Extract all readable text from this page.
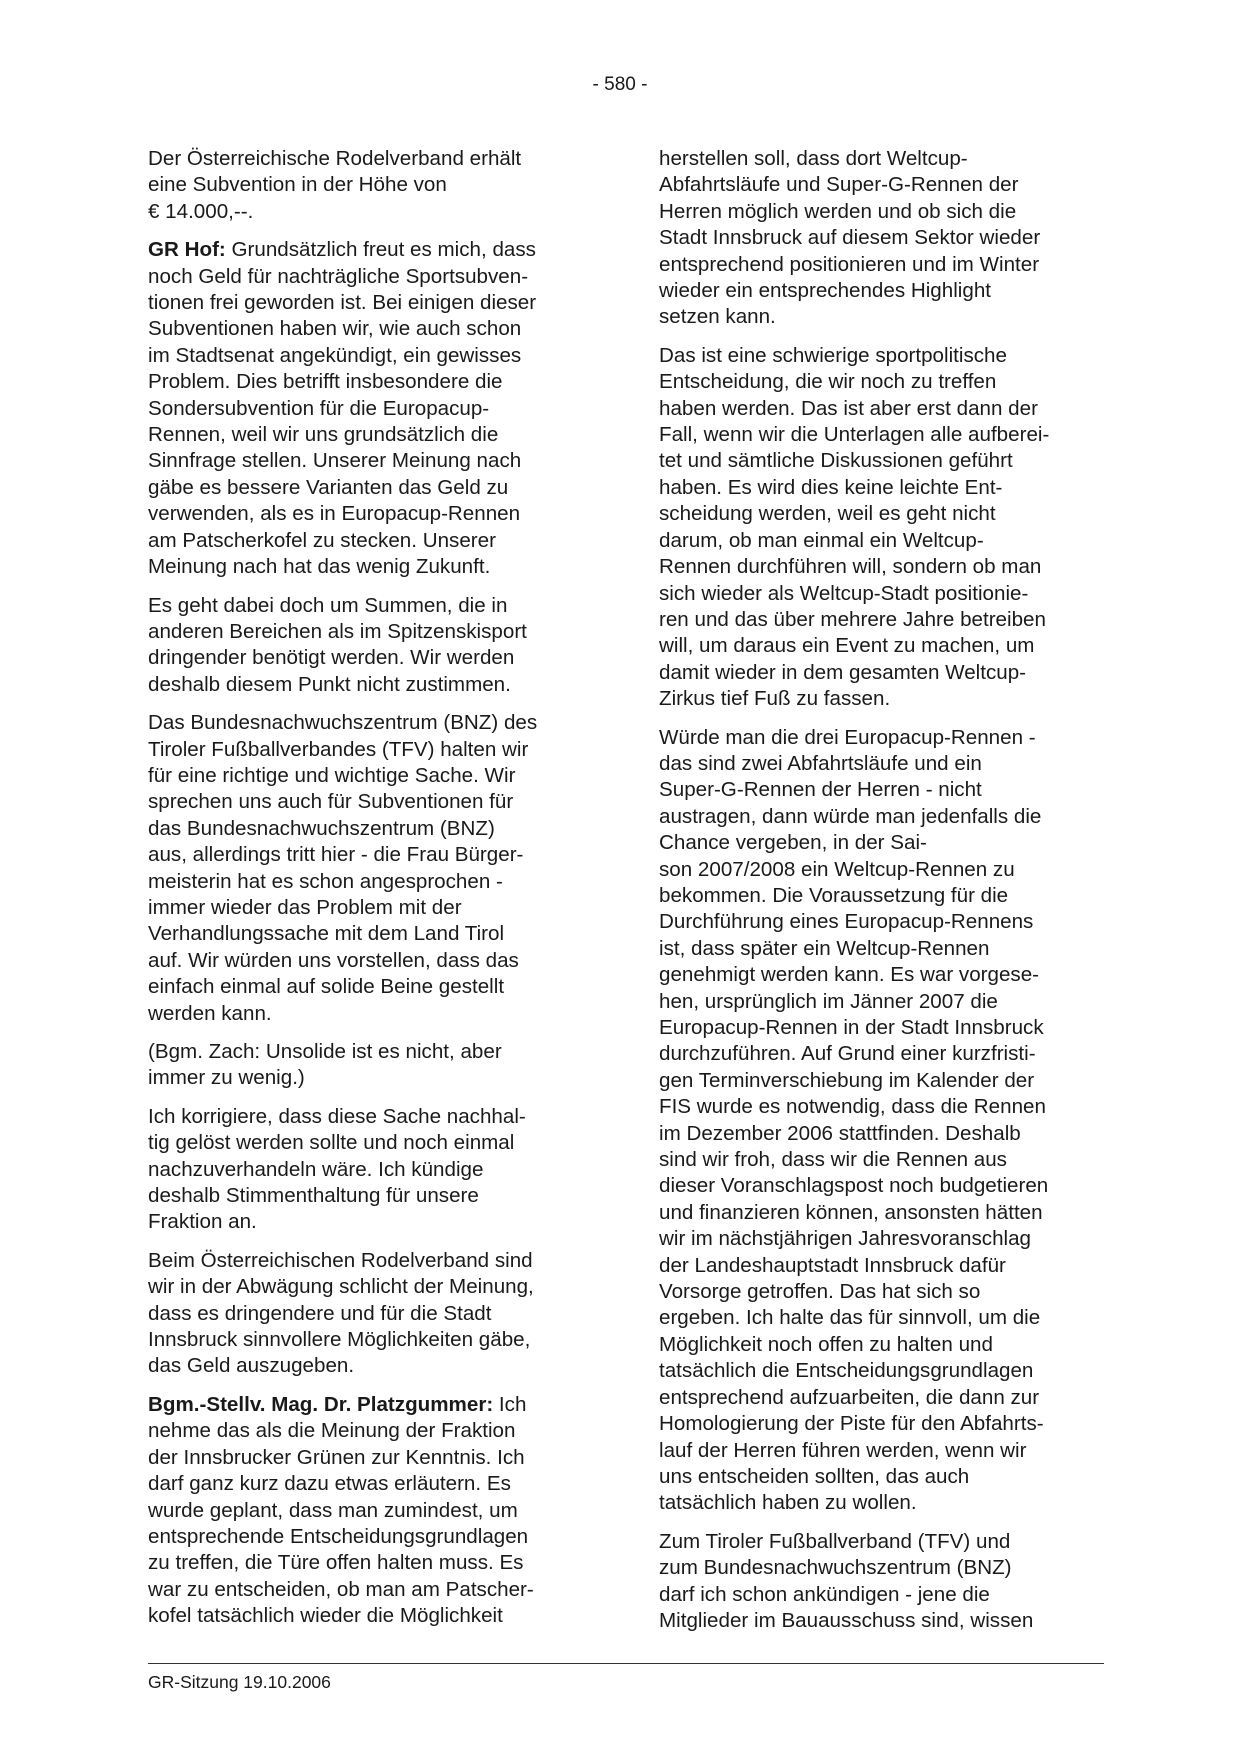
- 580 -

Der Österreichische Rodelverband erhält
eine Subvention in der Höhe von
€ 14.000,--.

GR Hof: Grundsätzlich freut es mich, dass
noch Geld für nachträgliche Sportsubven-
tionen frei geworden ist. Bei einigen dieser
Subventionen haben wir, wie auch schon
im Stadtsenat angekündigt, ein gewisses
Problem. Dies betrifft insbesondere die
Sondersubvention für die Europacup-
Rennen, weil wir uns grundsätzlich die
Sinnfrage stellen. Unserer Meinung nach
gäbe es bessere Varianten das Geld zu
verwenden, als es in Europacup-Rennen
am Patscherkofel zu stecken. Unserer
Meinung nach hat das wenig Zukunft.

Es geht dabei doch um Summen, die in
anderen Bereichen als im Spitzenskisport
dringender benötigt werden. Wir werden
deshalb diesem Punkt nicht zustimmen.

Das Bundesnachwuchszentrum (BNZ) des
Tiroler Fußballverbandes (TFV) halten wir
für eine richtige und wichtige Sache. Wir
sprechen uns auch für Subventionen für
das Bundesnachwuchszentrum (BNZ)
aus, allerdings tritt hier - die Frau Bürger-
meisterin hat es schon angesprochen -
immer wieder das Problem mit der
Verhandlungssache mit dem Land Tirol
auf. Wir würden uns vorstellen, dass das
einfach einmal auf solide Beine gestellt
werden kann.

(Bgm. Zach: Unsolide ist es nicht, aber
immer zu wenig.)

Ich korrigiere, dass diese Sache nachhal-
tig gelöst werden sollte und noch einmal
nachzuverhandeln wäre. Ich kündige
deshalb Stimmenthaltung für unsere
Fraktion an.

Beim Österreichischen Rodelverband sind
wir in der Abwägung schlicht der Meinung,
dass es dringendere und für die Stadt
Innsbruck sinnvollere Möglichkeiten gäbe,
das Geld auszugeben.

Bgm.-Stellv. Mag. Dr. Platzgummer: Ich
nehme das als die Meinung der Fraktion
der Innsbrucker Grünen zur Kenntnis. Ich
darf ganz kurz dazu etwas erläutern. Es
wurde geplant, dass man zumindest, um
entsprechende Entscheidungsgrundlagen
zu treffen, die Türe offen halten muss. Es
war zu entscheiden, ob man am Patscher-
kofel tatsächlich wieder die Möglichkeit

herstellen soll, dass dort Weltcup-
Abfahrtsläufe und Super-G-Rennen der
Herren möglich werden und ob sich die
Stadt Innsbruck auf diesem Sektor wieder
entsprechend positionieren und im Winter
wieder ein entsprechendes Highlight
setzen kann.

Das ist eine schwierige sportpolitische
Entscheidung, die wir noch zu treffen
haben werden. Das ist aber erst dann der
Fall, wenn wir die Unterlagen alle aufberei-
tet und sämtliche Diskussionen geführt
haben. Es wird dies keine leichte Ent-
scheidung werden, weil es geht nicht
darum, ob man einmal ein Weltcup-
Rennen durchführen will, sondern ob man
sich wieder als Weltcup-Stadt positionie-
ren und das über mehrere Jahre betreiben
will, um daraus ein Event zu machen, um
damit wieder in dem gesamten Weltcup-
Zirkus tief Fuß zu fassen.

Würde man die drei Europacup-Rennen -
das sind zwei Abfahrtsläufe und ein
Super-G-Rennen der Herren - nicht
austragen, dann würde man jedenfalls die
Chance vergeben, in der Sai-
son 2007/2008 ein Weltcup-Rennen zu
bekommen. Die Voraussetzung für die
Durchführung eines Europacup-Rennens
ist, dass später ein Weltcup-Rennen
genehmigt werden kann. Es war vorgese-
hen, ursprünglich im Jänner 2007 die
Europacup-Rennen in der Stadt Innsbruck
durchzuführen. Auf Grund einer kurzfristi-
gen Terminverschiebung im Kalender der
FIS wurde es notwendig, dass die Rennen
im Dezember 2006 stattfinden. Deshalb
sind wir froh, dass wir die Rennen aus
dieser Voranschlagspost noch budgetieren
und finanzieren können, ansonsten hätten
wir im nächstjährigen Jahresvoranschlag
der Landeshauptstadt Innsbruck dafür
Vorsorge getroffen. Das hat sich so
ergeben. Ich halte das für sinnvoll, um die
Möglichkeit noch offen zu halten und
tatsächlich die Entscheidungsgrundlagen
entsprechend aufzuarbeiten, die dann zur
Homologierung der Piste für den Abfahrts-
lauf der Herren führen werden, wenn wir
uns entscheiden sollten, das auch
tatsächlich haben zu wollen.

Zum Tiroler Fußballverband (TFV) und
zum Bundesnachwuchszentrum (BNZ)
darf ich schon ankündigen - jene die
Mitglieder im Bauausschuss sind, wissen

GR-Sitzung 19.10.2006
